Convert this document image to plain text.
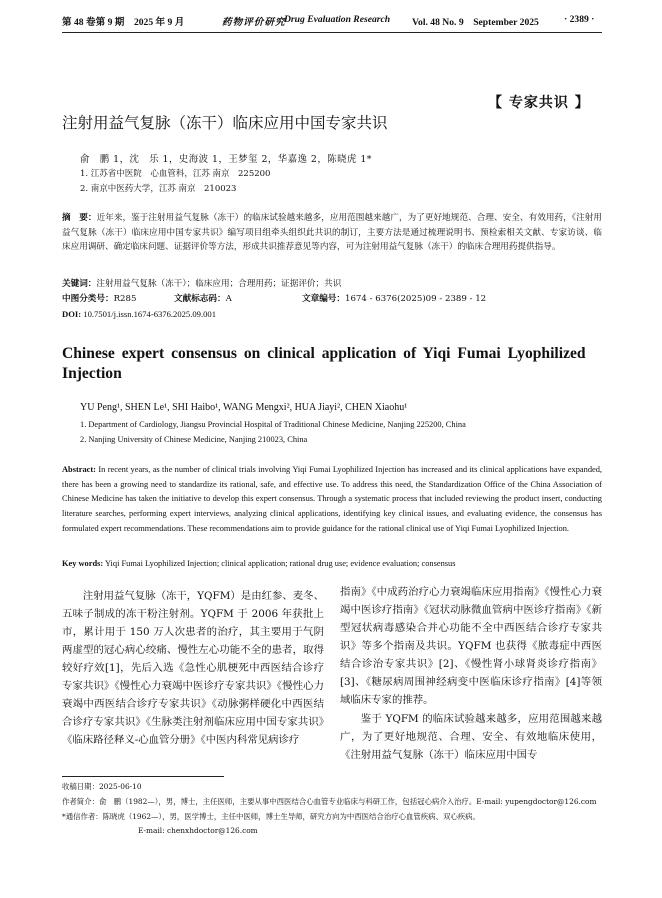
第 48 卷第 9 期　2025 年 9 月	药物评价研究
Drug Evaluation Research Vol. 48 No. 9　September 2025	· 2389 ·
【 专家共识 】
注射用益气复脉（冻干）临床应用中国专家共识
俞　鹏 1，沈　乐 1，史海波 1，王梦玺 2，华嘉逸 2，陈晓虎 1*
1. 江苏省中医院　心血管科，江苏 南京　225200
2. 南京中医药大学，江苏 南京　210023
摘　要：近年来，鉴于注射用益气复脉（冻干）的临床试验越来越多，应用范围越来越广，为了更好地规范、合理、安全、有效用药，《注射用益气复脉（冻干）临床应用中国专家共识》编写项目组牵头组织此共识的制订，主要方法是通过梳理说明书、预检索相关文献、专家访谈、临床应用调研、确定临床问题、证据评价等方法，形成共识推荐意见等内容，可为注射用益气复脉（冻干）的临床合理用药提供指导。
关键词：注射用益气复脉（冻干）；临床应用；合理用药；证据评价；共识
中图分类号：R285	文献标志码：A	文章编号：1674 - 6376(2025)09 - 2389 - 12
DOI: 10.7501/j.issn.1674-6376.2025.09.001
Chinese expert consensus on clinical application of Yiqi Fumai Lyophilized Injection
YU Peng¹, SHEN Le¹, SHI Haibo¹, WANG Mengxi², HUA Jiayi², CHEN Xiaohu¹
1. Department of Cardiology, Jiangsu Provincial Hospital of Traditional Chinese Medicine, Nanjing 225200, China
2. Nanjing University of Chinese Medicine, Nanjing 210023, China
Abstract: In recent years, as the number of clinical trials involving Yiqi Fumai Lyophilized Injection has increased and its clinical applications have expanded, there has been a growing need to standardize its rational, safe, and effective use. To address this need, the Standardization Office of the China Association of Chinese Medicine has taken the initiative to develop this expert consensus. Through a systematic process that included reviewing the product insert, conducting literature searches, performing expert interviews, analyzing clinical applications, identifying key clinical issues, and evaluating evidence, the consensus has formulated expert recommendations. These recommendations aim to provide guidance for the rational clinical use of Yiqi Fumai Lyophilized Injection.
Key words: Yiqi Fumai Lyophilized Injection; clinical application; rational drug use; evidence evaluation; consensus
注射用益气复脉（冻干，YQFM）是由红参、麦冬、五味子制成的冻干粉注射剂。YQFM 于 2006 年获批上市，累计用于 150 万人次患者的治疗，其主要用于气阴两虚型的冠心病心绞痛、慢性左心功能不全的患者，取得较好疗效[1]，先后入选《急性心肌梗死中西医结合诊疗专家共识》《慢性心力衰竭中医诊疗专家共识》《慢性心力衰竭中西医结合诊疗专家共识》《动脉粥样硬化中西医结合诊疗专家共识》《生脉类注射剂临床应用中国专家共识》《临床路径释义-心血管分册》《中医内科常见病诊疗
指南》《中成药治疗心力衰竭临床应用指南》《慢性心力衰竭中医诊疗指南》《冠状动脉微血管病中医诊疗指南》《新型冠状病毒感染合并心功能不全中西医结合诊疗专家共识》等多个指南及共识。YQFM 也获得《脓毒症中西医结合诊治专家共识》[2]、《慢性肾小球肾炎诊疗指南》[3]、《糖尿病周围神经病变中医临床诊疗指南》[4]等领域临床专家的推荐。
鉴于 YQFM 的临床试验越来越多，应用范围越来越广，为了更好地规范、合理、安全、有效地临床使用，《注射用益气复脉（冻干）临床应用中国专
收稿日期：2025-06-10
作者简介：俞　鹏（1982—），男，博士，主任医师，主要从事中西医结合心血管专业临床与科研工作，包括冠心病介入治疗。E-mail: yupengdoctor@126.com
*通信作者：陈晓虎（1962—），男，医学博士，主任中医师，博士生导师，研究方向为中西医结合治疗心血管疾病、双心疾病。
E-mail: chenxhdoctor@126.com
